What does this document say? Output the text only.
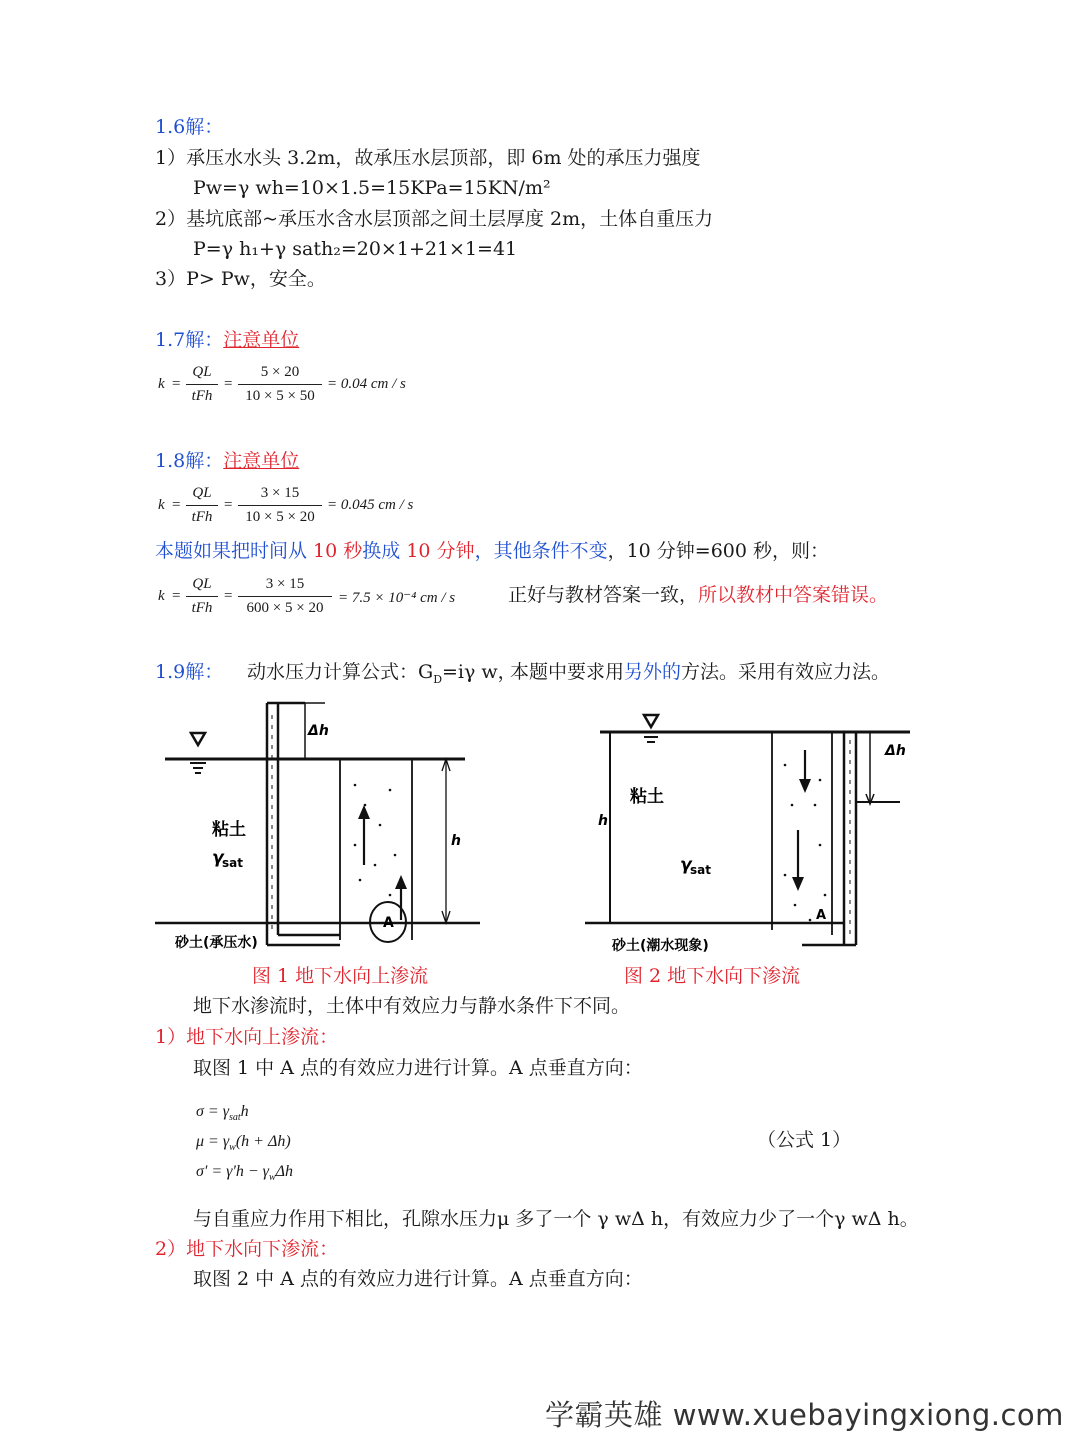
1.6解：
1）承压水水头 3.2m，故承压水层顶部，即 6m 处的承压力强度
Pw=γ wh=10×1.5=15KPa=15KN/m²
2）基坑底部~承压水含水层顶部之间土层厚度 2m，土体自重压力
P=γ h₁+γ sath₂=20×1+21×1=41
3）P> Pw，安全。
1.7解：注意单位
k =
QL
tFh
=
5 × 20
10 × 5 × 50
= 0.04 cm / s
1.8解：注意单位
k =
QL
tFh
=
3 × 15
10 × 5 × 20
= 0.045 cm / s
本题如果把时间从 10 秒换成 10 分钟，其他条件不变，10 分钟=600 秒，则：
k =
QL
tFh
=
3 × 15
600 × 5 × 20
= 7.5 × 10⁻⁴ cm / s	正好与教材答案一致，所以教材中答案错误。
1.9解： 动水压力计算公式：$G_D=i\gamma$ w，
本题中要求用另外的方法。采用有效应力法。
Δh
A
h
粘土
γ
sat
砂土(承压水)
h
Δh
A
粘土
γ
sat
砂土(潮水现象)
图 1 地下水向上渗流	图 2 地下水向下渗流
地下水渗流时，土体中有效应力与静水条件下不同。
1）地下水向上渗流：
取图 1 中 A 点的有效应力进行计算。A 点垂直方向：
$\sigma = \gamma_{sat}h$
$\mu = \gamma_w(h + \Delta h)$
$\sigma' = \gamma'h - \gamma_w\Delta h$
（公式 1）
与自重应力作用下相比，孔隙水压力μ 多了一个 γ wΔ h，有效应力少了一个γ wΔ h。
2）地下水向下渗流：
取图 2 中 A 点的有效应力进行计算。A 点垂直方向：
学霸英雄 www.xuebayingxiong.com
